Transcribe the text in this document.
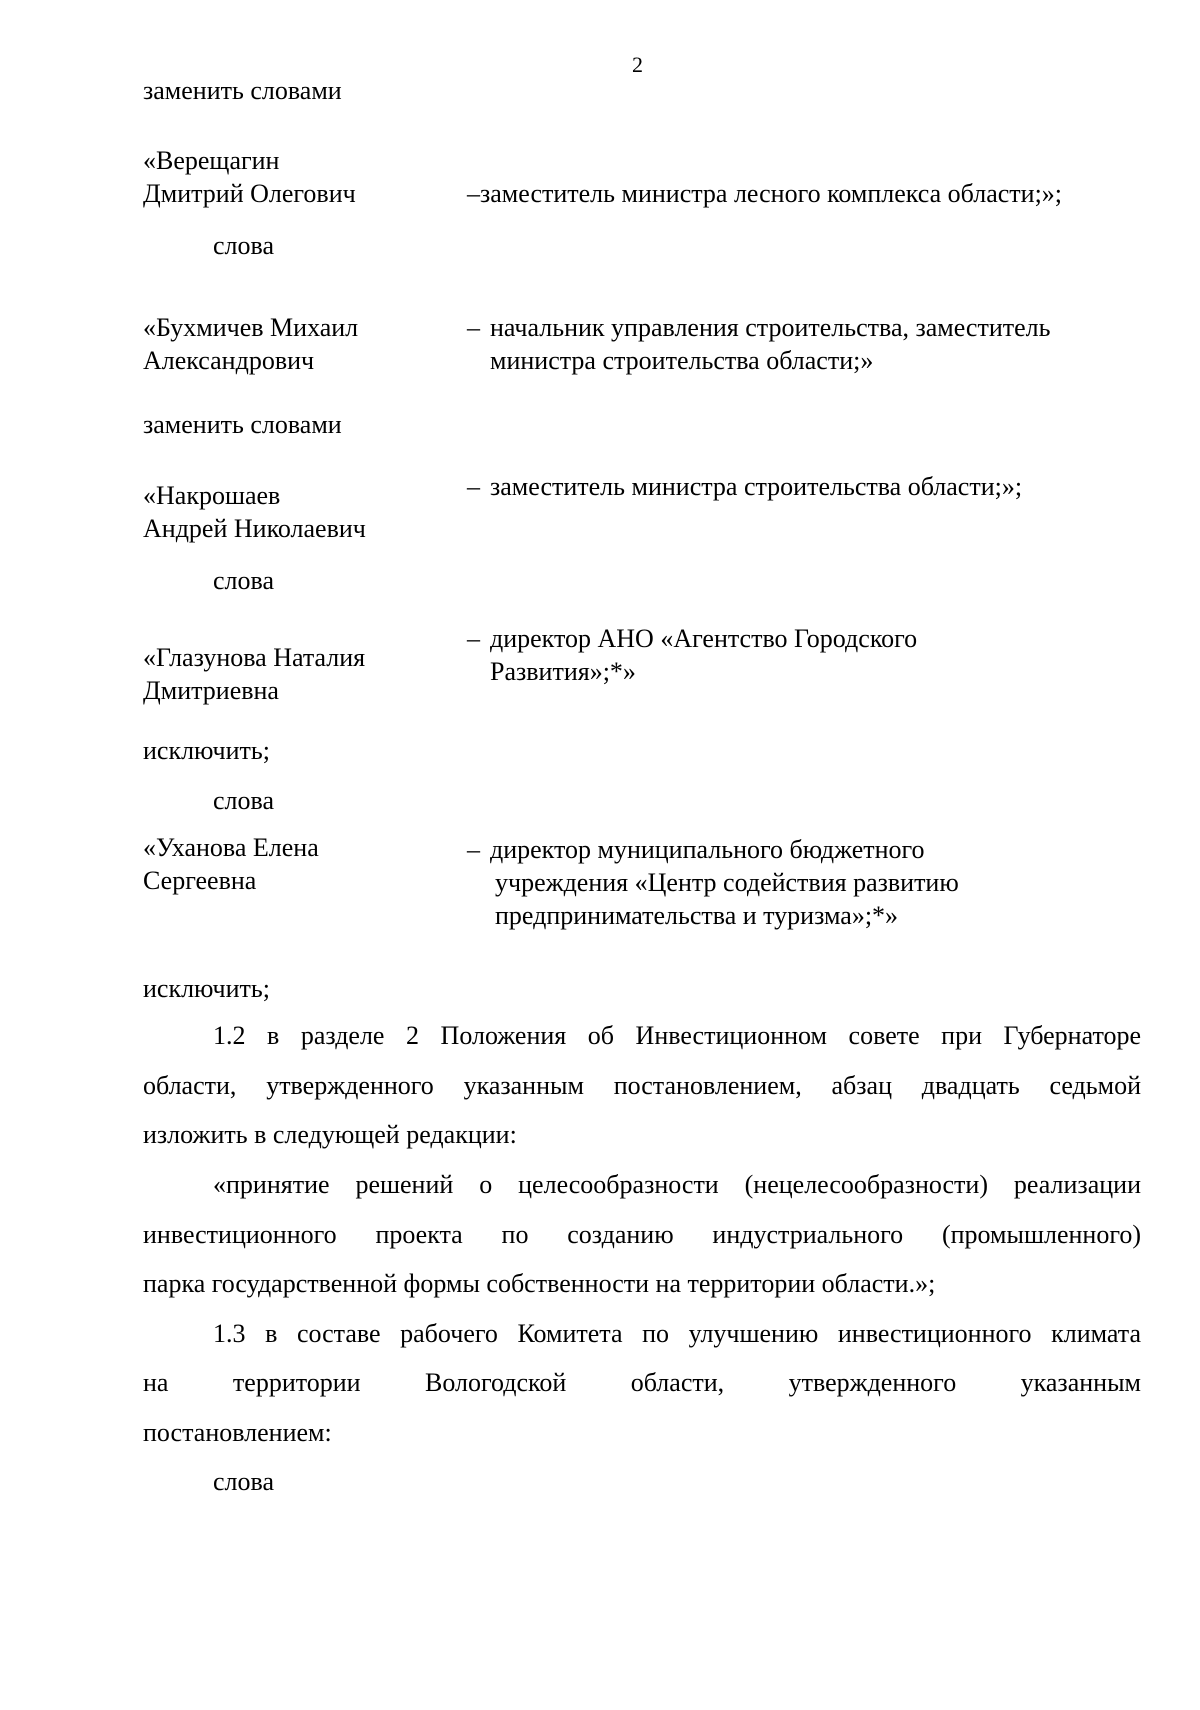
2
заменить словами
«Верещагин
Дмитрий Олегович	– заместитель министра лесного комплекса области;»;
слова
«Бухмичев Михаил
Александрович
– начальник управления строительства, заместитель
министра строительства области;»
заменить словами
«Накрошаев
Андрей Николаевич
– заместитель министра строительства области;»;
слова
«Глазунова Наталия
Дмитриевна
– директор АНО «Агентство Городского
Развития»;*»
исключить;
слова
«Уханова Елена
Сергеевна
– директор муниципального бюджетного
учреждения «Центр содействия развитию
предпринимательства и туризма»;*»
исключить;
1.2 в разделе 2 Положения об Инвестиционном совете при Губернаторе
области, утвержденного указанным постановлением, абзац двадцать седьмой
изложить в следующей редакции:
«принятие решений о целесообразности (нецелесообразности) реализации
инвестиционного проекта по созданию индустриального (промышленного)
парка государственной формы собственности на территории области.»;
1.3 в составе рабочего Комитета по улучшению инвестиционного климата
на территории Вологодской области, утвержденного указанным
постановлением:
слова
